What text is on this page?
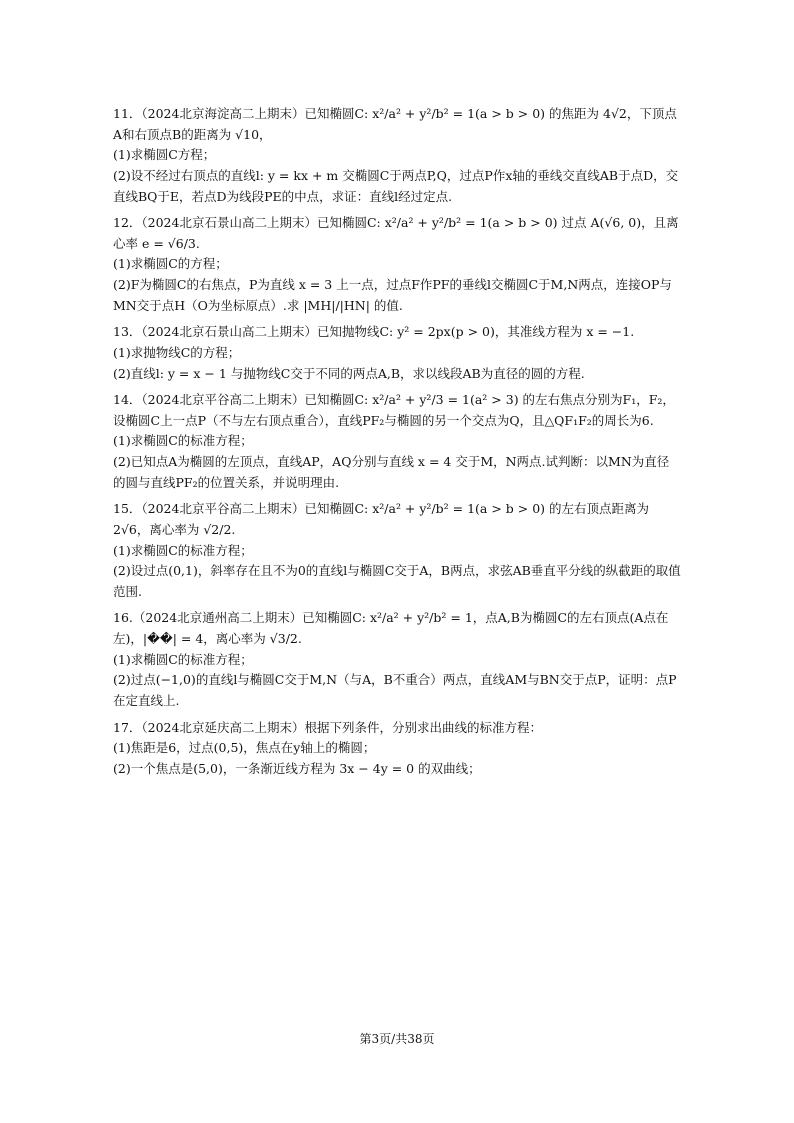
11．（2024北京海淀高二上期末）已知椭圆C: x²/a² + y²/b² = 1(a > b > 0) 的焦距为 4√2，下顶点A和右顶点B的距离为 √10，

(1)求椭圆C方程；

(2)设不经过右顶点的直线l: y = kx + m 交椭圆C于两点P,Q，过点P作x轴的垂线交直线AB于点D，交直线BQ于E，若点D为线段PE的中点，求证：直线l经过定点.

12．（2024北京石景山高二上期末）已知椭圆C: x²/a² + y²/b² = 1(a > b > 0) 过点 A(√6, 0)，且离心率 e = √6/3.

(1)求椭圆C的方程；

(2)F为椭圆C的右焦点，P为直线 x = 3 上一点，过点F作PF的垂线l交椭圆C于M,N两点，连接OP与MN交于点H（O为坐标原点）.求 |MH|/|HN| 的值.

13．（2024北京石景山高二上期末）已知抛物线C: y² = 2px(p > 0)，其准线方程为 x = −1.

(1)求抛物线C的方程；

(2)直线l: y = x − 1 与抛物线C交于不同的两点A,B，求以线段AB为直径的圆的方程.

14．（2024北京平谷高二上期末）已知椭圆C: x²/a² + y²/3 = 1(a² > 3) 的左右焦点分别为F₁，F₂，设椭圆C上一点P（不与左右顶点重合），直线PF₂与椭圆的另一个交点为Q，且△QF₁F₂的周长为6.

(1)求椭圆C的标准方程；

(2)已知点A为椭圆的左顶点，直线AP，AQ分别与直线 x = 4 交于M，N两点.试判断：以MN为直径的圆与直线PF₂的位置关系，并说明理由.

15．（2024北京平谷高二上期末）已知椭圆C: x²/a² + y²/b² = 1(a > b > 0) 的左右顶点距离为 2√6，离心率为 √2/2.

(1)求椭圆C的标准方程；

(2)设过点(0,1)，斜率存在且不为0的直线l与椭圆C交于A，B两点，求弦AB垂直平分线的纵截距的取值范围.

16.（2024北京通州高二上期末）已知椭圆C: x²/a² + y²/b² = 1，点A,B为椭圆C的左右顶点(A点在左)，|��| = 4，离心率为 √3/2.

(1)求椭圆C的标准方程；

(2)过点(−1,0)的直线l与椭圆C交于M,N（与A，B不重合）两点，直线AM与BN交于点P，证明：点P在定直线上.

17．（2024北京延庆高二上期末）根据下列条件，分别求出曲线的标准方程：

(1)焦距是6，过点(0,5)，焦点在y轴上的椭圆；

(2)一个焦点是(5,0)，一条渐近线方程为 3x − 4y = 0 的双曲线；

第3页/共38页
